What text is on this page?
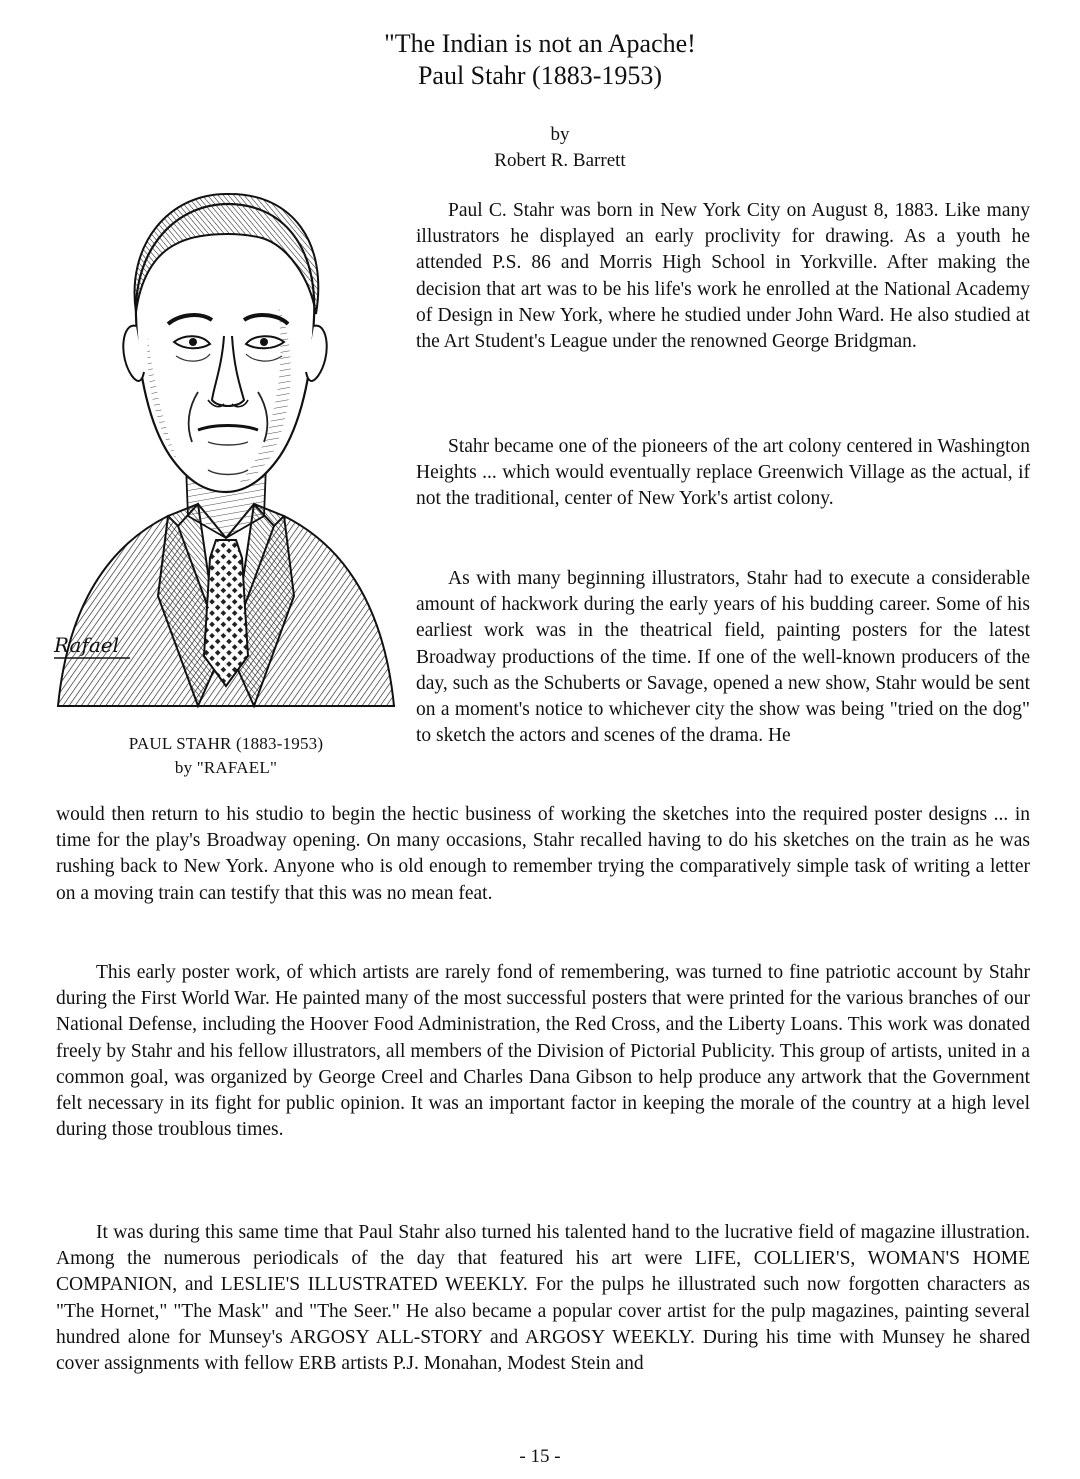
"The Indian is not an Apache!

Paul Stahr (1883-1953)

by
Robert R. Barrett
Rafael
PAUL STAHR (1883-1953)
by "RAFAEL"

Paul C. Stahr was born in New York City on August 8, 1883. Like many illustrators he displayed an early proclivity for drawing. As a youth he attended P.S. 86 and Morris High School in Yorkville. After making the decision that art was to be his life's work he enrolled at the National Academy of Design in New York, where he studied under John Ward. He also studied at the Art Student's League under the renowned George Bridgman.

Stahr became one of the pioneers of the art colony centered in Washington Heights ... which would eventually replace Greenwich Village as the actual, if not the traditional, center of New York's artist colony.

As with many beginning illustrators, Stahr had to execute a considerable amount of hackwork during the early years of his budding career. Some of his earliest work was in the theatrical field, painting posters for the latest Broadway productions of the time. If one of the well-known producers of the day, such as the Schuberts or Savage, opened a new show, Stahr would be sent on a moment's notice to whichever city the show was being "tried on the dog" to sketch the actors and scenes of the drama. He

would then return to his studio to begin the hectic business of working the sketches into the required poster designs ... in time for the play's Broadway opening. On many occasions, Stahr recalled having to do his sketches on the train as he was rushing back to New York. Anyone who is old enough to remember trying the comparatively simple task of writing a letter on a moving train can testify that this was no mean feat.

This early poster work, of which artists are rarely fond of remembering, was turned to fine patriotic account by Stahr during the First World War. He painted many of the most successful posters that were printed for the various branches of our National Defense, including the Hoover Food Administration, the Red Cross, and the Liberty Loans. This work was donated freely by Stahr and his fellow illustrators, all members of the Division of Pictorial Publicity. This group of artists, united in a common goal, was organized by George Creel and Charles Dana Gibson to help produce any artwork that the Government felt necessary in its fight for public opinion. It was an important factor in keeping the morale of the country at a high level during those troublous times.

It was during this same time that Paul Stahr also turned his talented hand to the lucrative field of magazine illustration. Among the numerous periodicals of the day that featured his art were LIFE, COLLIER'S, WOMAN'S HOME COMPANION, and LESLIE'S ILLUSTRATED WEEKLY. For the pulps he illustrated such now forgotten characters as "The Hornet," "The Mask" and "The Seer." He also became a popular cover artist for the pulp magazines, painting several hundred alone for Munsey's ARGOSY ALL-STORY and ARGOSY WEEKLY. During his time with Munsey he shared cover assignments with fellow ERB artists P.J. Monahan, Modest Stein and

- 15 -
